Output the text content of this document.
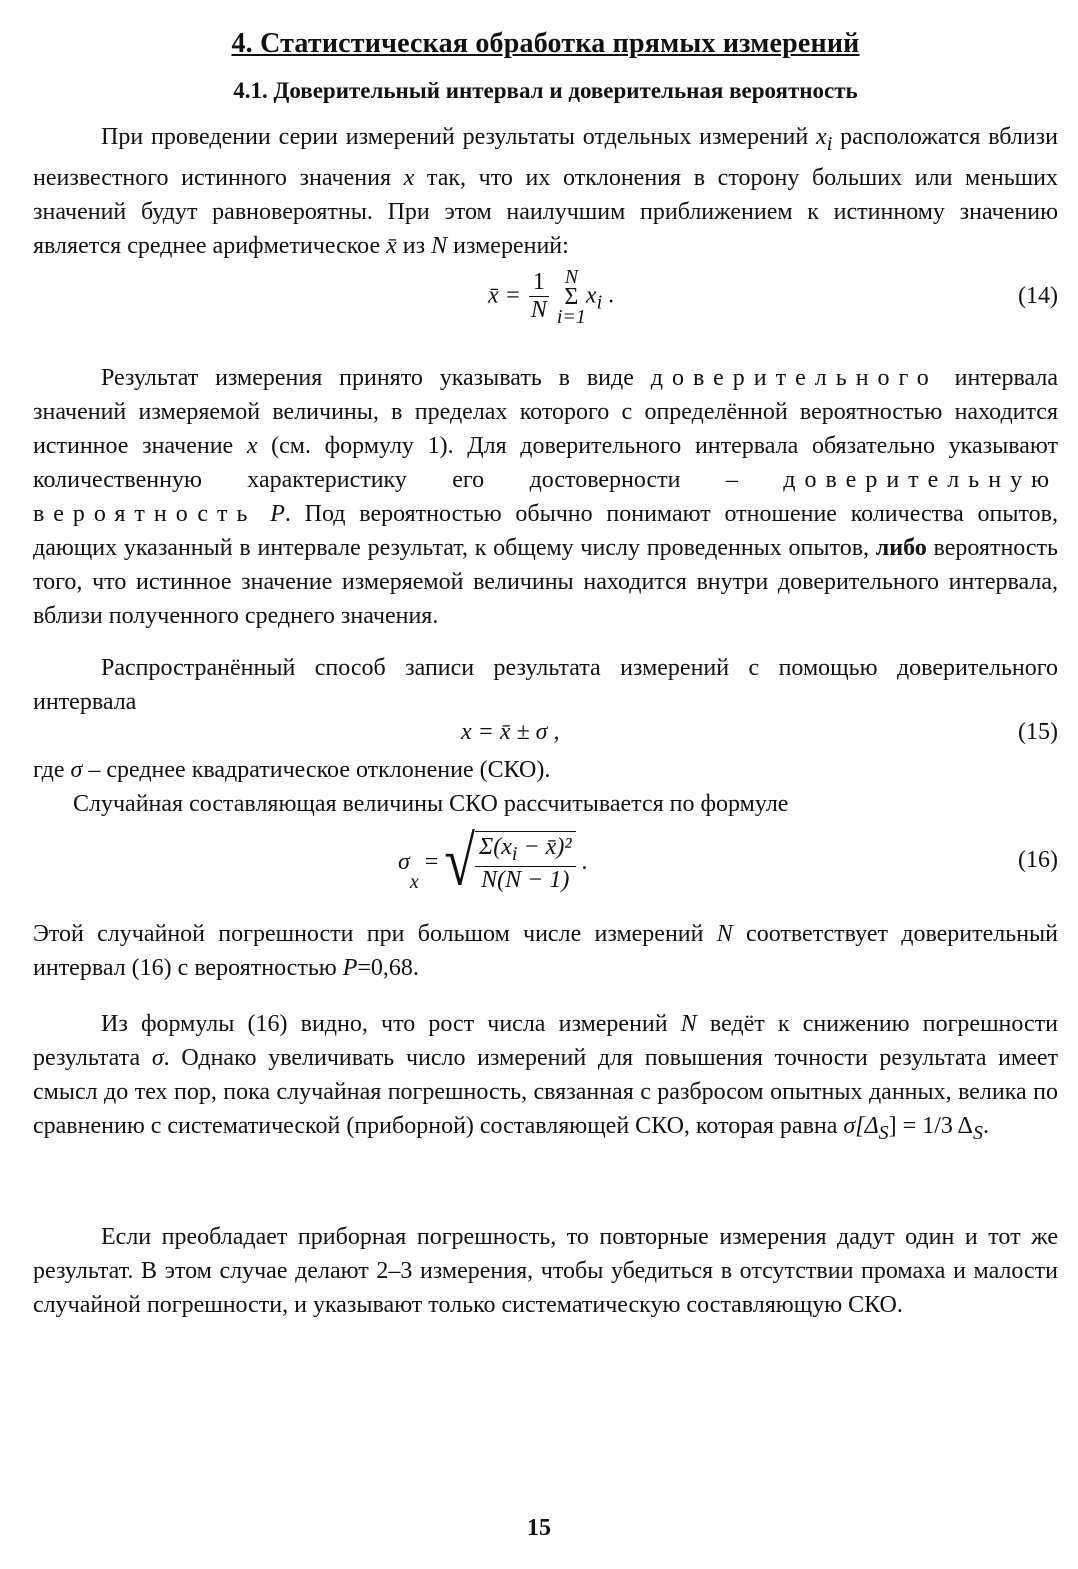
4. Статистическая обработка прямых измерений
4.1. Доверительный интервал и доверительная вероятность

При проведении серии измерений результаты отдельных измерений $x_i$ расположатся вблизи неизвестного истинного значения x так, что их отклонения в сторону больших или меньших значений будут равновероятны. При этом наилучшим приближением к истинному значению является среднее арифметическое x̄ из N измерений:

x̄ = $\frac{1}{N}$
N
Σ
i=1
$x_i$ .	(14)

Результат измерения принято указывать в виде доверительного интервала значений измеряемой величины, в пределах которого с определённой вероятностью находится истинное значение x (см. формулу 1). Для доверительного интервала обязательно указывают количественную характеристику его достоверности – доверительную вероятность P. Под вероятностью обычно понимают отношение количества опытов, дающих указанный в интервале результат, к общему числу проведенных опытов, либо вероятность того, что истинное значение измеряемой величины находится внутри доверительного интервала, вблизи полученного среднего значения.

Распространённый способ записи результата измерений с помощью доверительного интервала

x = x̄ ± σ ,	(15)

где σ – среднее квадратическое отклонение (СКО).

Случайная составляющая величины СКО рассчитывается по формуле

σ
$_x$
= √ $\frac{\Sigma(x_i - x̄)^2}{N(N - 1)}$ .	(16)

Этой случайной погрешности при большом числе измерений N соответствует доверительный интервал (16) с вероятностью P=0,68.

Из формулы (16) видно, что рост числа измерений N ведёт к снижению погрешности результата σ. Однако увеличивать число измерений для повышения точности результата имеет смысл до тех пор, пока случайная погрешность, связанная с разбросом опытных данных, велика по сравнению с систематической (приборной) составляющей СКО, которая равна $\sigma[\Delta_S] = 1/3$ $\Delta_S$.

Если преобладает приборная погрешность, то повторные измерения дадут один и тот же результат. В этом случае делают 2–3 измерения, чтобы убедиться в отсутствии промаха и малости случайной погрешности, и указывают только систематическую составляющую СКО.

15
